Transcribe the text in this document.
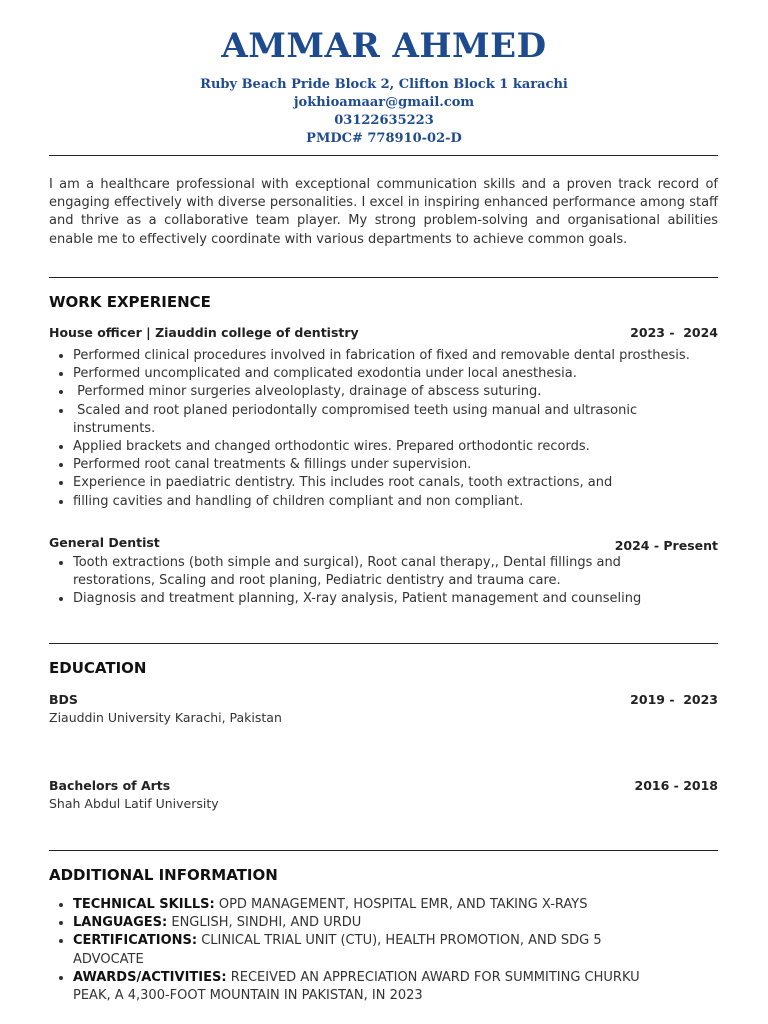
AMMAR AHMED
Ruby Beach Pride Block 2, Clifton Block 1 karachi
jokhioamaar@gmail.com
03122635223
PMDC# 778910-02-D
I am a healthcare professional with exceptional communication skills and a proven track record of engaging effectively with diverse personalities. I excel in inspiring enhanced performance among staff and thrive as a collaborative team player. My strong problem-solving and organisational abilities enable me to effectively coordinate with various departments to achieve common goals.
WORK EXPERIENCE
House officer | Ziauddin college of dentistry	2023 -  2024
• Performed clinical procedures involved in fabrication of fixed and removable dental prosthesis.
• Performed uncomplicated and complicated exodontia under local anesthesia.
•  Performed minor surgeries alveoloplasty, drainage of abscess suturing.
•  Scaled and root planed periodontally compromised teeth using manual and ultrasonic instruments.
• Applied brackets and changed orthodontic wires. Prepared orthodontic records.
• Performed root canal treatments & fillings under supervision.
• Experience in paediatric dentistry. This includes root canals, tooth extractions, and
• filling cavities and handling of children compliant and non compliant.
General Dentist	2024 - Present
• Tooth extractions (both simple and surgical), Root canal therapy,, Dental fillings and restorations, Scaling and root planing, Pediatric dentistry and trauma care.
• Diagnosis and treatment planning, X-ray analysis, Patient management and counseling
EDUCATION
BDS	2019 -  2023
Ziauddin University Karachi, Pakistan
Bachelors of Arts	2016 - 2018
Shah Abdul Latif University
ADDITIONAL INFORMATION
• TECHNICAL SKILLS: OPD MANAGEMENT, HOSPITAL EMR, AND TAKING X-RAYS
• LANGUAGES: ENGLISH, SINDHI, AND URDU
• CERTIFICATIONS: CLINICAL TRIAL UNIT (CTU), HEALTH PROMOTION, AND SDG 5 ADVOCATE
• AWARDS/ACTIVITIES: RECEIVED AN APPRECIATION AWARD FOR SUMMITING CHURKU PEAK, A 4,300-FOOT MOUNTAIN IN PAKISTAN, IN 2023
